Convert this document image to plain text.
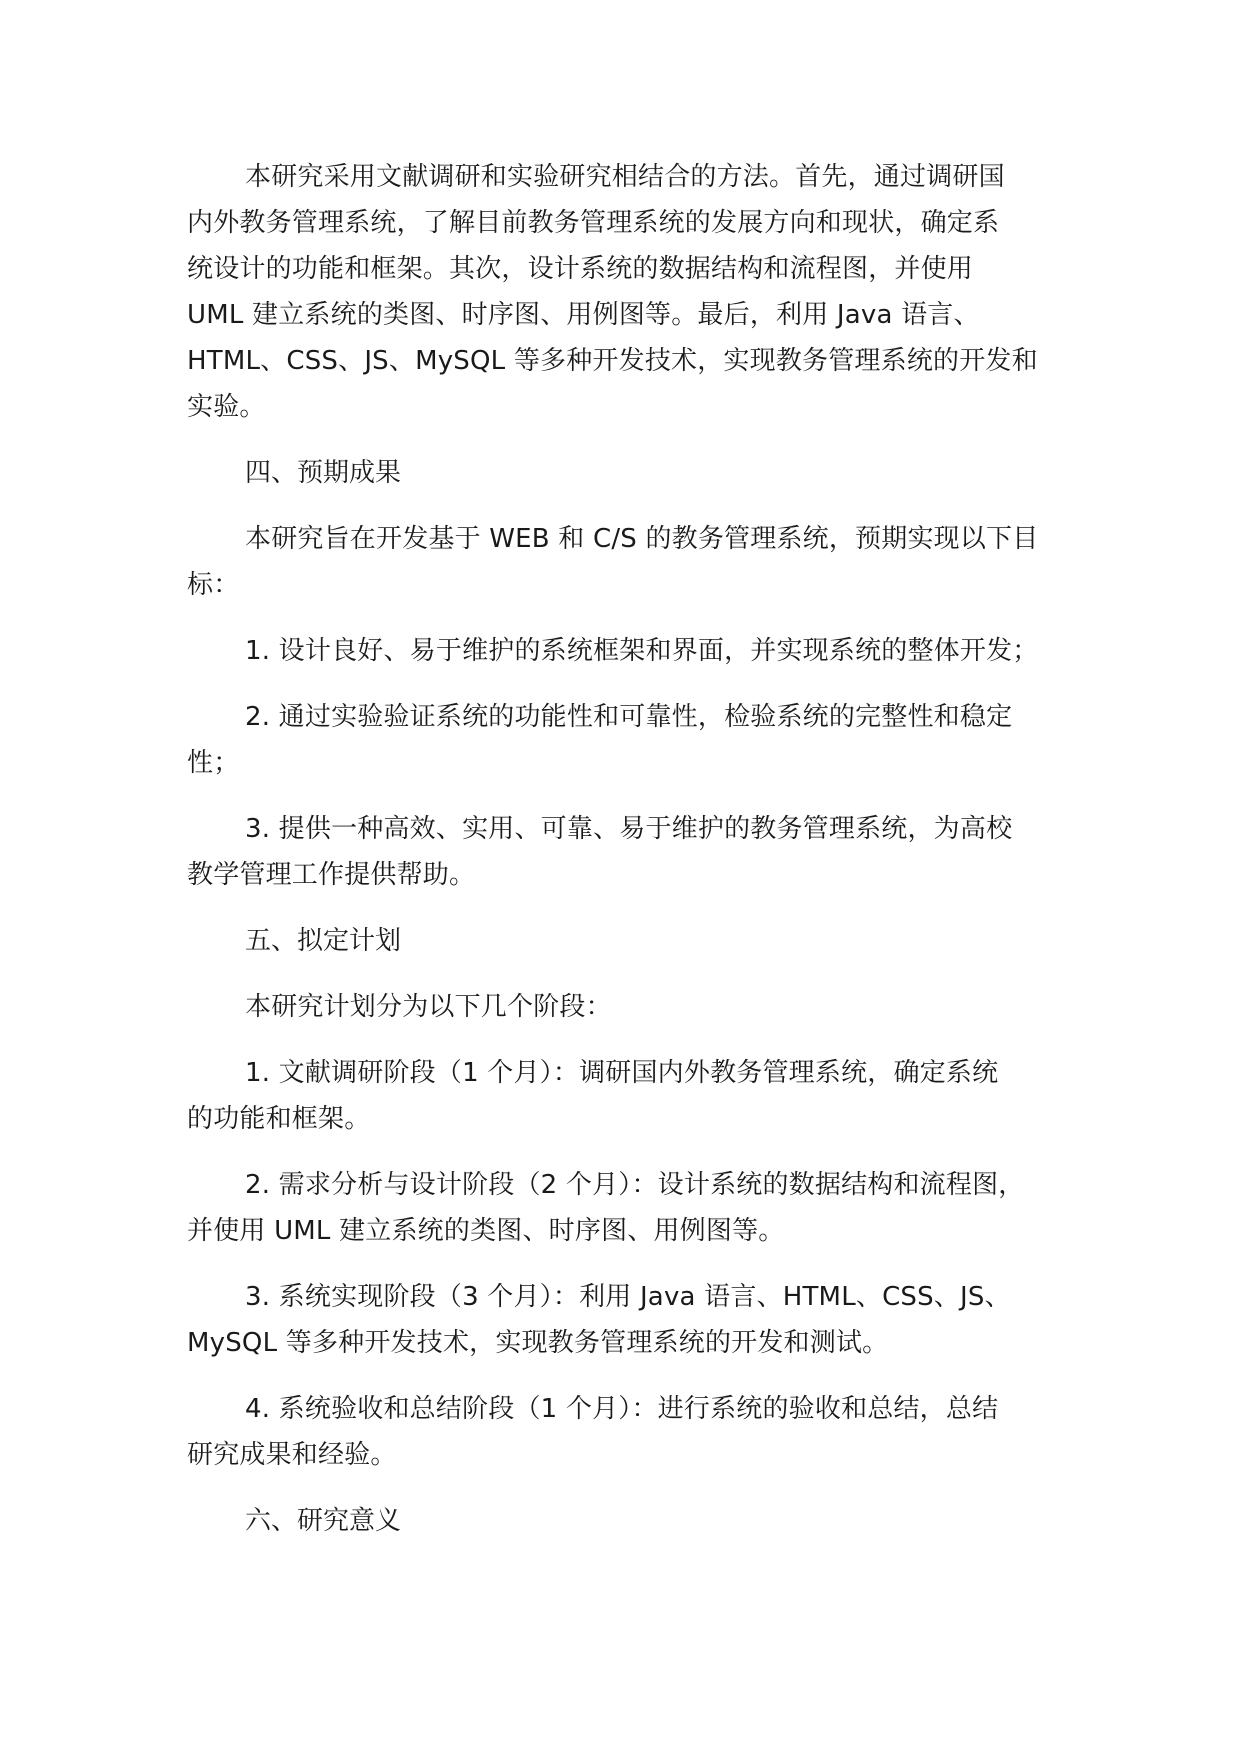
本研究采用文献调研和实验研究相结合的方法。首先，通过调研国
内外教务管理系统，了解目前教务管理系统的发展方向和现状，确定系
统设计的功能和框架。其次，设计系统的数据结构和流程图，并使用
UML 建立系统的类图、时序图、用例图等。最后，利用 Java 语言、
HTML、CSS、JS、MySQL 等多种开发技术，实现教务管理系统的开发和
实验。

四、预期成果

本研究旨在开发基于 WEB 和 C/S 的教务管理系统，预期实现以下目
标：

1. 设计良好、易于维护的系统框架和界面，并实现系统的整体开发；

2. 通过实验验证系统的功能性和可靠性，检验系统的完整性和稳定
性；

3. 提供一种高效、实用、可靠、易于维护的教务管理系统，为高校
教学管理工作提供帮助。

五、拟定计划

本研究计划分为以下几个阶段：

1. 文献调研阶段（1 个月）：调研国内外教务管理系统，确定系统
的功能和框架。

2. 需求分析与设计阶段（2 个月）：设计系统的数据结构和流程图，
并使用 UML 建立系统的类图、时序图、用例图等。

3. 系统实现阶段（3 个月）：利用 Java 语言、HTML、CSS、JS、
MySQL 等多种开发技术，实现教务管理系统的开发和测试。

4. 系统验收和总结阶段（1 个月）：进行系统的验收和总结，总结
研究成果和经验。

六、研究意义
